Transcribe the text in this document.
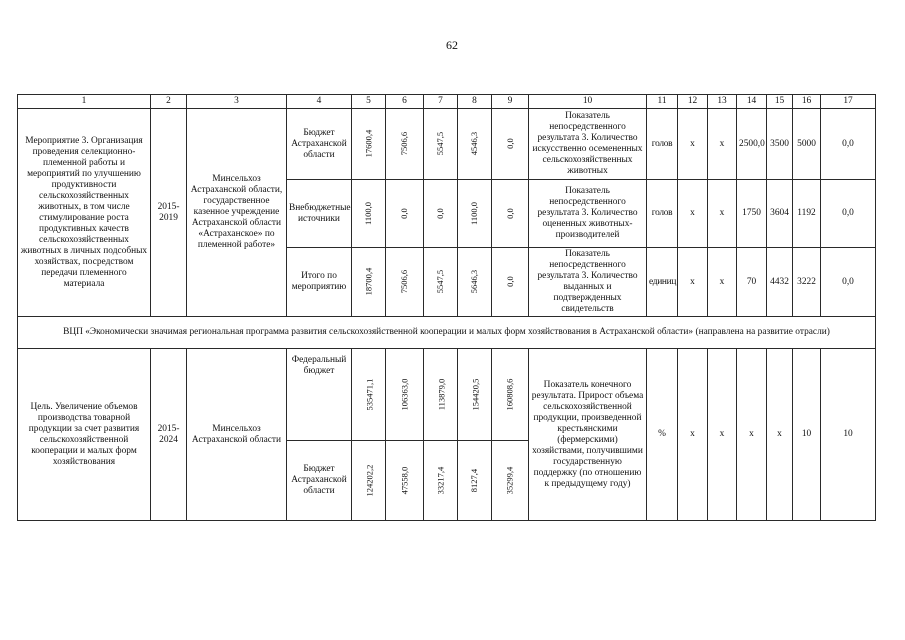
62
1	2	3	4	5	6	7	8	9	10	11	12	13	14	15	16	17
Мероприятие 3. Организация проведения селекционно-племенной работы и мероприятий по улучшению продуктивности сельскохозяйственных животных, в том числе стимулирование роста продуктивных качеств сельскохозяйственных животных в личных подсобных хозяйствах, посредством передачи племенного материала	2015-2019	Минсельхоз Астраханской области, государственное казенное учреждение Астраханской области «Астраханское» по племенной работе»	Бюджет Астраханской области	17600,4	7506,6	5547,5	4546,3	0,0	Показатель непосредственного результата 3. Количество искусственно осемененных сельскохозяйственных животных	голов	х	х	2500,0	3500	5000	0,0
			Внебюджетные источники	1100,0	0,0	0,0	1100,0	0,0	Показатель непосредственного результата 3. Количество оцененных животных-производителей	голов	х	х	1750	3604	1192	0,0
			Итого по мероприятию	18700,4	7506,6	5547,5	5646,3	0,0	Показатель непосредственного результата 3. Количество выданных и подтвержденных свидетельств	единиц	х	х	70	4432	3222	0,0
ВЦП «Экономически значимая региональная программа развития сельскохозяйственной кооперации и малых форм хозяйствования в Астраханской области» (направлена на развитие отрасли)																
Цель. Увеличение объемов производства товарной продукции за счет развития сельскохозяйственной кооперации и малых форм хозяйствования	2015-2024	Минсельхоз Астраханской области	Федеральный бюджет	535471,1	106363,0	113879,0	154420,5	160808,6	Показатель конечного результата. Прирост объема сельскохозяйственной продукции, произведенной крестьянскими (фермерскими) хозяйствами, получившими государственную поддержку (по отношению к предыдущему году)	%	х	х	х	х	10	10
			Бюджет Астраханской области	124202,2	47558,0	33217,4	8127,4	35299,4								
